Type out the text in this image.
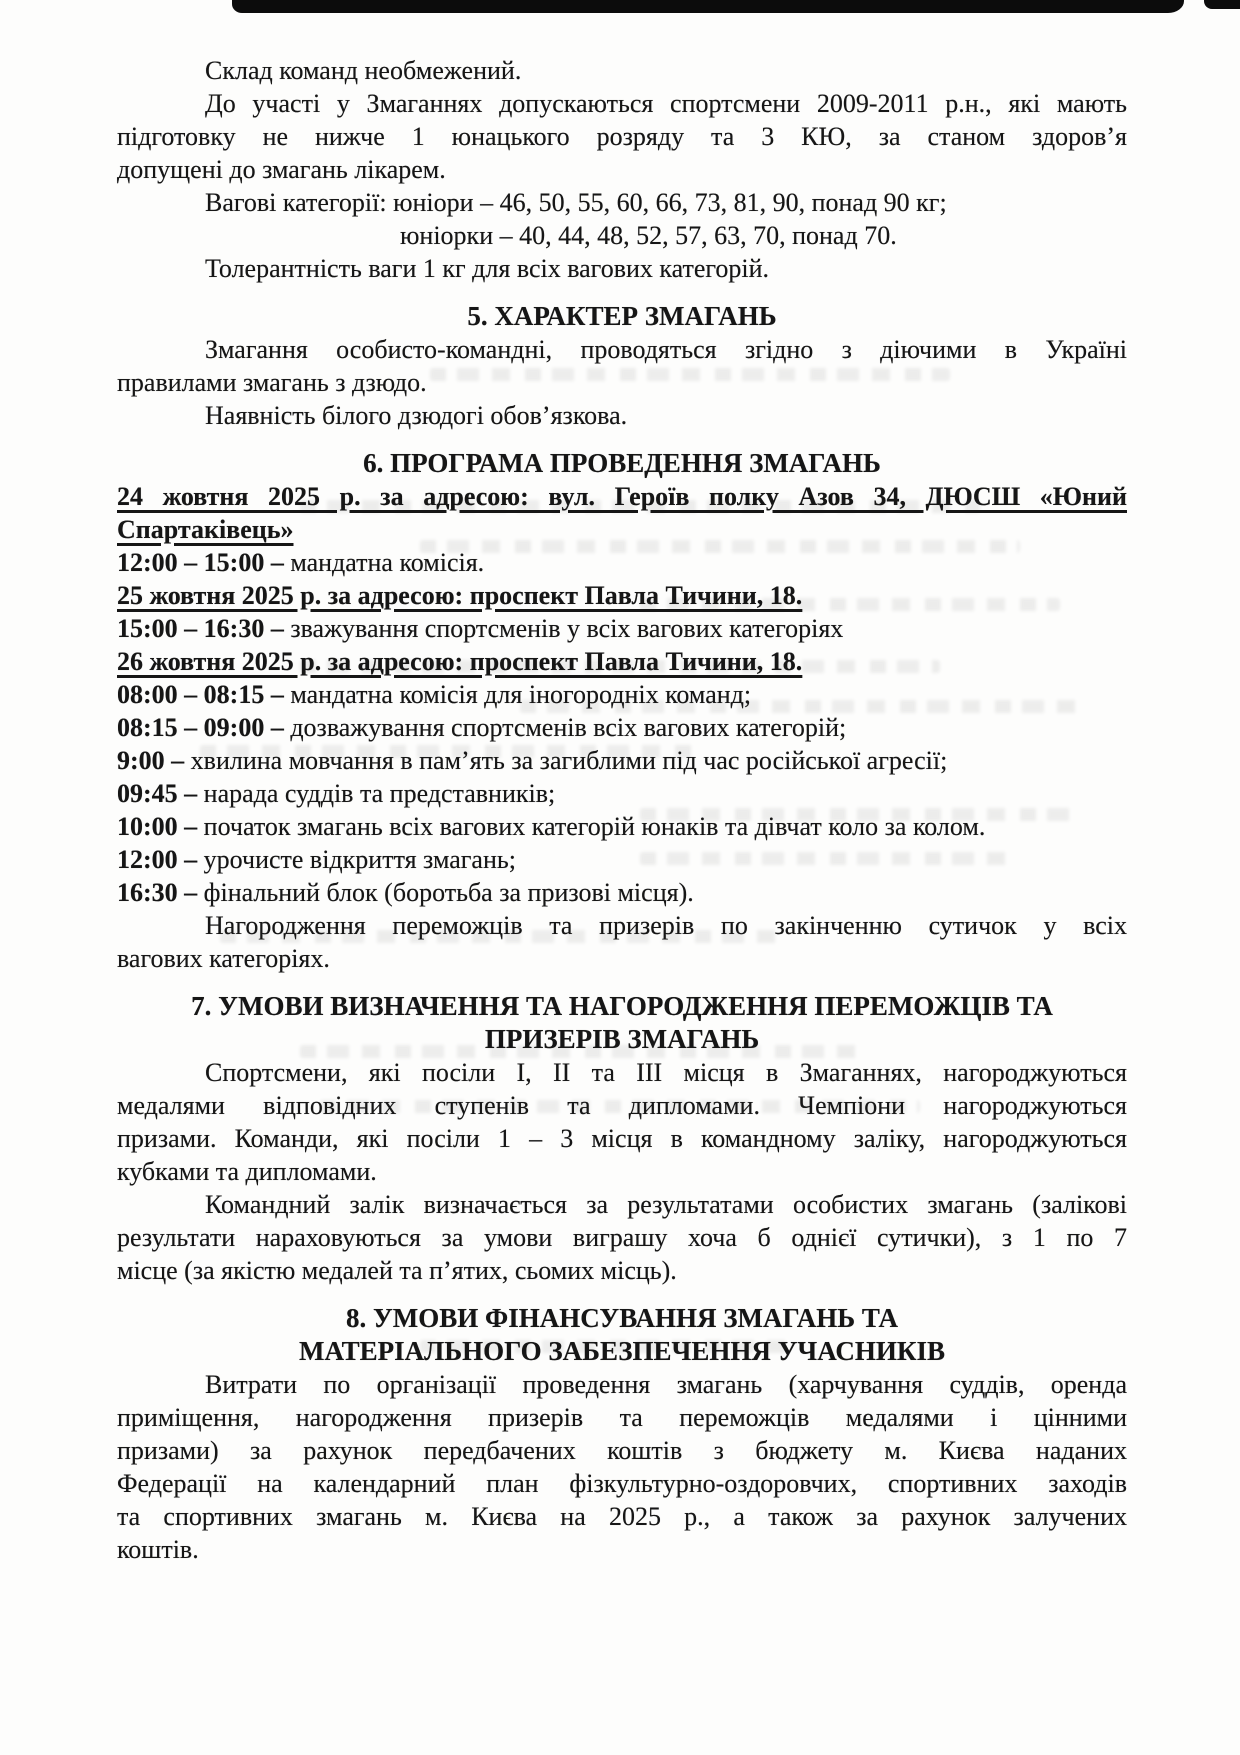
Склад команд необмежений.
До участі у Змаганнях допускаються спортсмени 2009-2011 р.н., які мають
підготовку не нижче 1 юнацького розряду та 3 КЮ, за станом здоров’я
допущені до змагань лікарем.
Вагові категорії: юніори – 46, 50, 55, 60, 66, 73, 81, 90, понад 90 кг;
юніорки – 40, 44, 48, 52, 57, 63, 70, понад 70.
Толерантність ваги 1 кг для всіх вагових категорій.
5. ХАРАКТЕР ЗМАГАНЬ
Змагання особисто-командні, проводяться згідно з діючими в Україні
правилами змагань з дзюдо.
Наявність білого дзюдогі обов’язкова.
6. ПРОГРАМА ПРОВЕДЕННЯ ЗМАГАНЬ
24 жовтня 2025 р. за адресою: вул. Героїв полку Азов 34, ДЮСШ «Юний
Спартаківець»
12:00 – 15:00 – мандатна комісія.
25 жовтня 2025 р. за адресою: проспект Павла Тичини, 18.
15:00 – 16:30 – зважування спортсменів у всіх вагових категоріях
26 жовтня 2025 р. за адресою: проспект Павла Тичини, 18.
08:00 – 08:15 – мандатна комісія для іногородніх команд;
08:15 – 09:00 – дозважування спортсменів всіх вагових категорій;
9:00 – хвилина мовчання в пам’ять за загиблими під час російської агресії;
09:45 – нарада суддів та представників;
10:00 – початок змагань всіх вагових категорій юнаків та дівчат коло за колом.
12:00 – урочисте відкриття змагань;
16:30 – фінальний блок (боротьба за призові місця).
Нагородження переможців та призерів по закінченню сутичок у всіх
вагових категоріях.
7. УМОВИ ВИЗНАЧЕННЯ ТА НАГОРОДЖЕННЯ ПЕРЕМОЖЦІВ ТА
ПРИЗЕРІВ ЗМАГАНЬ
Спортсмени, які посіли I, II та III місця в Змаганнях, нагороджуються
медалями відповідних ступенів та дипломами. Чемпіони нагороджуються
призами. Команди, які посіли 1 – 3 місця в командному заліку, нагороджуються
кубками та дипломами.
Командний залік визначається за результатами особистих змагань (залікові
результати нараховуються за умови виграшу хоча б однієї сутички), з 1 по 7
місце (за якістю медалей та п’ятих, сьомих місць).
8. УМОВИ ФІНАНСУВАННЯ ЗМАГАНЬ ТА
МАТЕРІАЛЬНОГО ЗАБЕЗПЕЧЕННЯ УЧАСНИКІВ
Витрати по організації проведення змагань (харчування суддів, оренда
приміщення, нагородження призерів та переможців медалями і цінними
призами) за рахунок передбачених коштів з бюджету м. Києва наданих
Федерації на календарний план фізкультурно-оздоровчих, спортивних заходів
та спортивних змагань м. Києва на 2025 р., а також за рахунок залучених
коштів.
